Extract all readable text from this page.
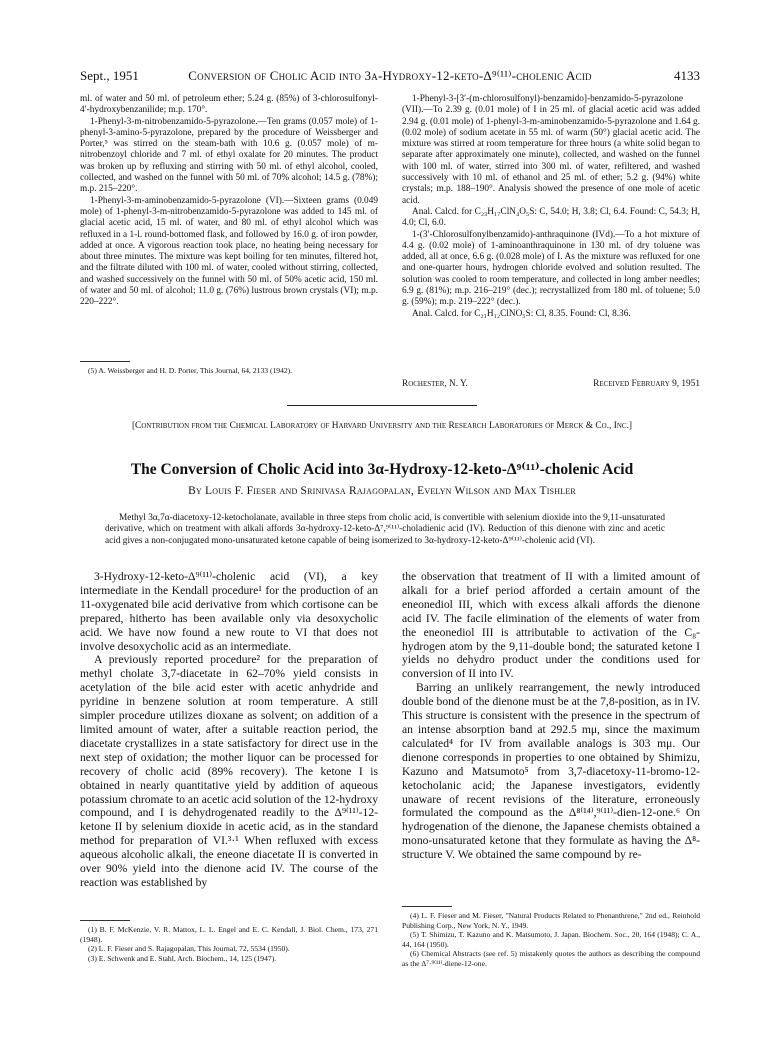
Sept., 1951	Conversion of Cholic Acid into 3α-Hydroxy-12-keto-Δ⁹⁽¹¹⁾-cholenic Acid	4133

ml. of water and 50 ml. of petroleum ether; 5.24 g. (85%) of 3-chlorosulfonyl-4′-hydroxybenzanilide; m.p. 170°.

1-Phenyl-3-m-nitrobenzamido-5-pyrazolone.—Ten grams (0.057 mole) of 1-phenyl-3-amino-5-pyrazolone, prepared by the procedure of Weissberger and Porter,⁵ was stirred on the steam-bath with 10.6 g. (0.057 mole) of m-nitrobenzoyl chloride and 7 ml. of ethyl oxalate for 20 minutes. The product was broken up by refluxing and stirring with 50 ml. of ethyl alcohol, cooled, collected, and washed on the funnel with 50 ml. of 70% alcohol; 14.5 g. (78%); m.p. 215–220°.

1-Phenyl-3-m-aminobenzamido-5-pyrazolone (VI).—Sixteen grams (0.049 mole) of 1-phenyl-3-m-nitrobenzamido-5-pyrazolone was added to 145 ml. of glacial acetic acid, 15 ml. of water, and 80 ml. of ethyl alcohol which was refluxed in a 1-l. round-bottomed flask, and followed by 16.0 g. of iron powder, added at once. A vigorous reaction took place, no heating being necessary for about three minutes. The mixture was kept boiling for ten minutes, filtered hot, and the filtrate diluted with 100 ml. of water, cooled without stirring, collected, and washed successively on the funnel with 50 ml. of 50% acetic acid, 150 ml. of water and 50 ml. of alcohol; 11.0 g. (76%) lustrous brown crystals (VI); m.p. 220–222°.

(5) A. Weissberger and H. D. Porter, This Journal, 64, 2133 (1942).

1-Phenyl-3-[3′-(m-chlorosulfonyl)-benzamido]-benzamido-5-pyrazolone (VII).—To 2.39 g. (0.01 mole) of I in 25 ml. of glacial acetic acid was added 2.94 g. (0.01 mole) of 1-phenyl-3-m-aminobenzamido-5-pyrazolone and 1.64 g. (0.02 mole) of sodium acetate in 55 ml. of warm (50°) glacial acetic acid. The mixture was stirred at room temperature for three hours (a white solid began to separate after approximately one minute), collected, and washed on the funnel with 100 ml. of water, stirred into 300 ml. of water, refiltered, and washed successively with 10 ml. of ethanol and 25 ml. of ether; 5.2 g. (94%) white crystals; m.p. 188–190°. Analysis showed the presence of one mole of acetic acid.

Anal. Calcd. for C₂₃H₁₇ClN₄O₅S: C, 54.0; H, 3.8; Cl, 6.4. Found: C, 54.3; H, 4.0; Cl, 6.0.

1-(3′-Chlorosulfonylbenzamido)-anthraquinone (IVd).—To a hot mixture of 4.4 g. (0.02 mole) of 1-aminoanthraquinone in 130 ml. of dry toluene was added, all at once, 6.6 g. (0.028 mole) of I. As the mixture was refluxed for one and one-quarter hours, hydrogen chloride evolved and solution resulted. The solution was cooled to room temperature, and collected in long amber needles; 6.9 g. (81%); m.p. 216–219° (dec.); recrystallized from 180 ml. of toluene; 5.0 g. (59%); m.p. 219–222° (dec.).

Anal. Calcd. for C₂₁H₁₂ClNO₅S: Cl, 8.35. Found: Cl, 8.36.

Rochester, N. Y.	Received February 9, 1951
[Contribution from the Chemical Laboratory of Harvard University and the Research Laboratories of Merck & Co., Inc.]
The Conversion of Cholic Acid into 3α-Hydroxy-12-keto-Δ⁹⁽¹¹⁾-cholenic Acid
By Louis F. Fieser and Srinivasa Rajagopalan, Evelyn Wilson and Max Tishler

Methyl 3α,7α-diacetoxy-12-ketocholanate, available in three steps from cholic acid, is convertible with selenium dioxide into the 9,11-unsaturated derivative, which on treatment with alkali affords 3α-hydroxy-12-keto-Δ⁷,⁹⁽¹¹⁾-choladienic acid (IV). Reduction of this dienone with zinc and acetic acid gives a non-conjugated mono-unsaturated ketone capable of being isomerized to 3α-hydroxy-12-keto-Δ⁹⁽¹¹⁾-cholenic acid (VI).

3-Hydroxy-12-keto-Δ⁹⁽¹¹⁾-cholenic acid (VI), a key intermediate in the Kendall procedure¹ for the production of an 11-oxygenated bile acid derivative from which cortisone can be prepared, hitherto has been available only via desoxycholic acid. We have now found a new route to VI that does not involve desoxycholic acid as an intermediate.

A previously reported procedure² for the preparation of methyl cholate 3,7-diacetate in 62–70% yield consists in acetylation of the bile acid ester with acetic anhydride and pyridine in benzene solution at room temperature. A still simpler procedure utilizes dioxane as solvent; on addition of a limited amount of water, after a suitable reaction period, the diacetate crystallizes in a state satisfactory for direct use in the next step of oxidation; the mother liquor can be processed for recovery of cholic acid (89% recovery). The ketone I is obtained in nearly quantitative yield by addition of aqueous potassium chromate to an acetic acid solution of the 12-hydroxy compound, and I is dehydrogenated readily to the Δ⁹⁽¹¹⁾-12-ketone II by selenium dioxide in acetic acid, as in the standard method for preparation of VI.³·¹ When refluxed with excess aqueous alcoholic alkali, the eneone diacetate II is converted in over 90% yield into the dienone acid IV. The course of the reaction was established by

(1) B. F. McKenzie, V. R. Mattox, L. L. Engel and E. C. Kendall, J. Biol. Chem., 173, 271 (1948).

(2) L. F. Fieser and S. Rajagopalan, This Journal, 72, 5534 (1950).

(3) E. Schwenk and E. Stahl, Arch. Biochem., 14, 125 (1947).

the observation that treatment of II with a limited amount of alkali for a brief period afforded a certain amount of the eneonediol III, which with excess alkali affords the dienone acid IV. The facile elimination of the elements of water from the eneonediol III is attributable to activation of the C₈-hydrogen atom by the 9,11-double bond; the saturated ketone I yields no dehydro product under the conditions used for conversion of II into IV.

Barring an unlikely rearrangement, the newly introduced double bond of the dienone must be at the 7,8-position, as in IV. This structure is consistent with the presence in the spectrum of an intense absorption band at 292.5 mμ, since the maximum calculated⁴ for IV from available analogs is 303 mμ. Our dienone corresponds in properties to one obtained by Shimizu, Kazuno and Matsumoto⁵ from 3,7-diacetoxy-11-bromo-12-ketocholanic acid; the Japanese investigators, evidently unaware of recent revisions of the literature, erroneously formulated the compound as the Δ⁸⁽¹⁴⁾,⁹⁽¹¹⁾-dien-12-one.⁶ On hydrogenation of the dienone, the Japanese chemists obtained a mono-unsaturated ketone that they formulate as having the Δ⁸-structure V. We obtained the same compound by re-

(4) L. F. Fieser and M. Fieser, "Natural Products Related to Phenanthrene," 2nd ed., Reinhold Publishing Corp., New York, N. Y., 1949.

(5) T. Shimizu, T. Kazuno and K. Matsumoto, J. Japan. Biochem. Soc., 20, 164 (1948); C. A., 44, 164 (1950).

(6) Chemical Abstracts (see ref. 5) mistakenly quotes the authors as describing the compound as the Δ⁷·⁹⁽¹¹⁾-diene-12-one.
